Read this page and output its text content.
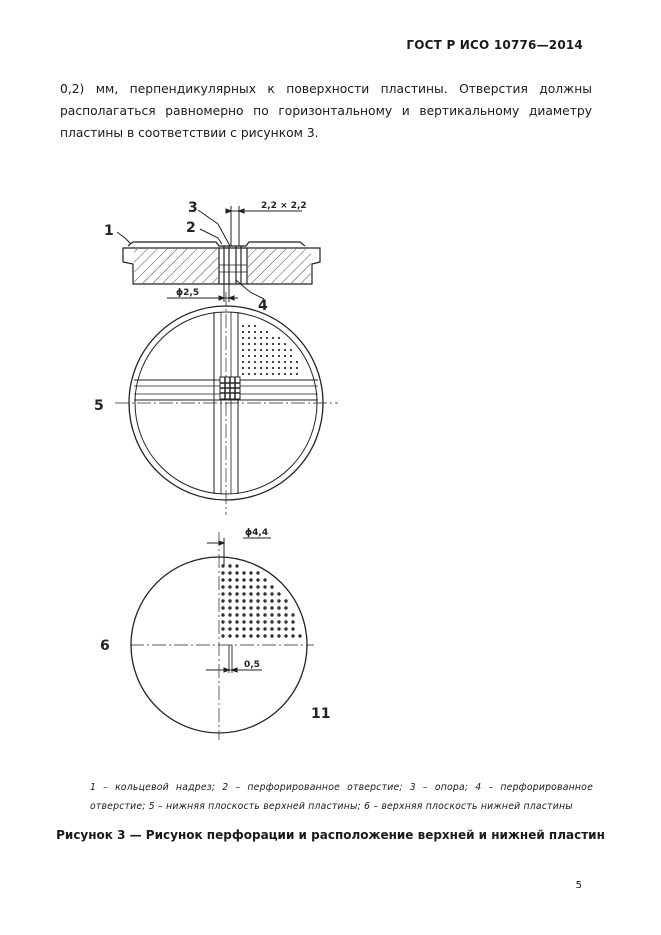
ГОСТ Р ИСО 10776—2014
0,2) мм, перпендикулярных к поверхности пластины. Отверстия должны
располагаться равномерно по горизонтальному и вертикальному диаметру
пластины в соответствии с рисунком 3.
1	2
3
4
5
6
11
2,2 × 2,2
ϕ2,5
ϕ4,4
0,5
1 – кольцевой надрез; 2 – перфорированное отверстие; 3 – опора; 4 – перфорированное
отверстие; 5 – нижняя плоскость верхней пластины; 6 – верхняя плоскость нижней пластины
Рисунок 3 — Рисунок перфорации и расположение верхней и нижней пластин
5
